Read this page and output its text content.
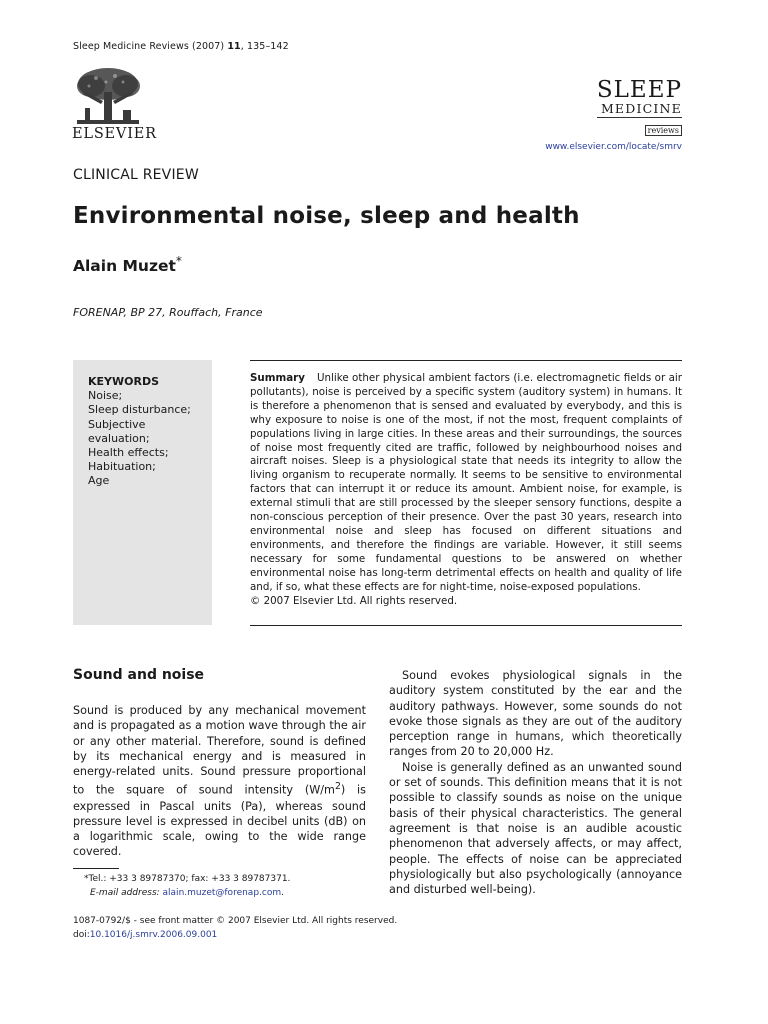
Sleep Medicine Reviews (2007) 11, 135–142
ELSEVIER
SLEEP
MEDICINE
reviews
www.elsevier.com/locate/smrv
CLINICAL REVIEW
Environmental noise, sleep and health
Alain Muzet*
FORENAP, BP 27, Rouffach, France
KEYWORDS
Noise;
Sleep disturbance;
Subjective
evaluation;
Health effects;
Habituation;
Age
Summary Unlike other physical ambient factors (i.e. electromagnetic fields or air pollutants), noise is perceived by a specific system (auditory system) in humans. It is therefore a phenomenon that is sensed and evaluated by everybody, and this is why exposure to noise is one of the most, if not the most, frequent complaints of populations living in large cities. In these areas and their surroundings, the sources of noise most frequently cited are traffic, followed by neighbourhood noises and aircraft noises. Sleep is a physiological state that needs its integrity to allow the living organism to recuperate normally. It seems to be sensitive to environmental factors that can interrupt it or reduce its amount. Ambient noise, for example, is external stimuli that are still processed by the sleeper sensory functions, despite a non-conscious perception of their presence. Over the past 30 years, research into environmental noise and sleep has focused on different situations and environments, and therefore the findings are variable. However, it still seems necessary for some fundamental questions to be answered on whether environmental noise has long-term detrimental effects on health and quality of life and, if so, what these effects are for night-time, noise-exposed populations.
© 2007 Elsevier Ltd. All rights reserved.
Sound and noise

Sound is produced by any mechanical movement and is propagated as a motion wave through the air or any other material. Therefore, sound is defined by its mechanical energy and is measured in energy-related units. Sound pressure proportional to the square of sound intensity $(W/m^2)$ is expressed in Pascal units (Pa), whereas sound pressure level is expressed in decibel units (dB) on a logarithmic scale, owing to the wide range covered.

Sound evokes physiological signals in the auditory system constituted by the ear and the auditory pathways. However, some sounds do not evoke those signals as they are out of the auditory perception range in humans, which theoretically ranges from 20 to 20,000 Hz.

Noise is generally defined as an unwanted sound or set of sounds. This definition means that it is not possible to classify sounds as noise on the unique basis of their physical characteristics. The general agreement is that noise is an audible acoustic phenomenon that adversely affects, or may affect, people. The effects of noise can be appreciated physiologically but also psychologically (annoyance and disturbed well-being).

*Tel.: +33 3 89787370; fax: +33 3 89787371.
E-mail address: alain.muzet@forenap.com.
1087-0792/$ - see front matter © 2007 Elsevier Ltd. All rights reserved.
doi:10.1016/j.smrv.2006.09.001
